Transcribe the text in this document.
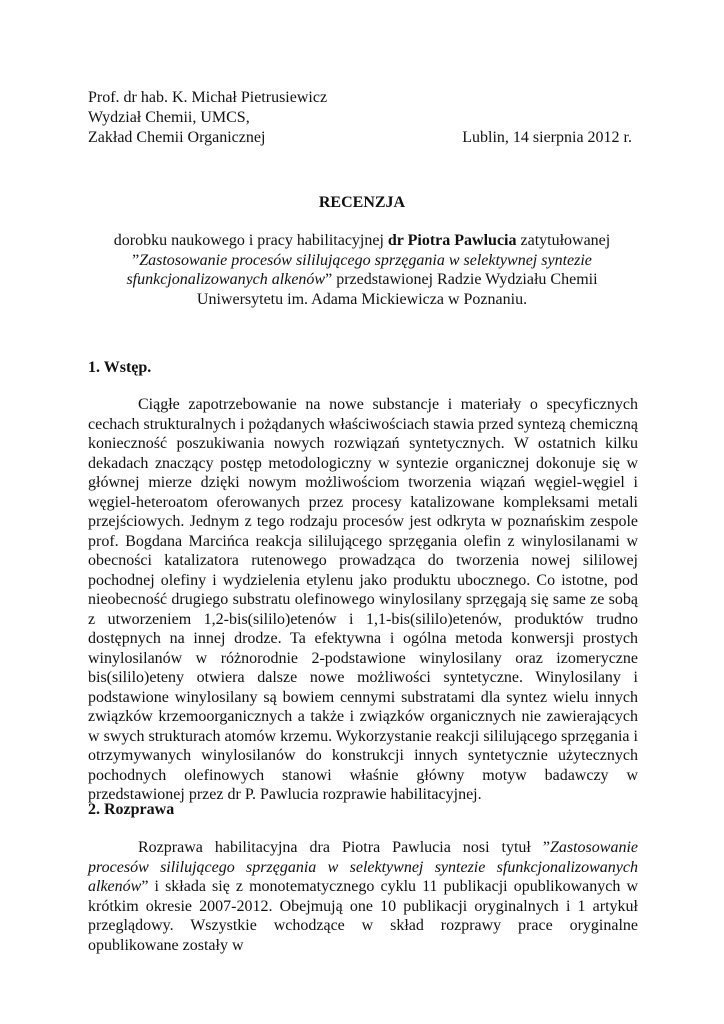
Prof. dr hab. K. Michał Pietrusiewicz
Wydział Chemii, UMCS,
Zakład Chemii Organicznej	Lublin, 14 sierpnia 2012 r.
RECENZJA
dorobku naukowego i pracy habilitacyjnej dr Piotra Pawlucia zatytułowanej
”Zastosowanie procesów sililującego sprzęgania w selektywnej syntezie sfunkcjonalizowanych alkenów” przedstawionej Radzie Wydziału Chemii Uniwersytetu im. Adama Mickiewicza w Poznaniu.
1. Wstęp.
Ciągłe zapotrzebowanie na nowe substancje i materiały o specyficznych cechach strukturalnych i pożądanych właściwościach stawia przed syntezą chemiczną konieczność poszukiwania nowych rozwiązań syntetycznych. W ostatnich kilku dekadach znaczący postęp metodologiczny w syntezie organicznej dokonuje się w głównej mierze dzięki nowym możliwościom tworzenia wiązań węgiel-węgiel i węgiel-heteroatom oferowanych przez procesy katalizowane kompleksami metali przejściowych. Jednym z tego rodzaju procesów jest odkryta w poznańskim zespole prof. Bogdana Marcińca reakcja sililującego sprzęgania olefin z winylosilanami w obecności katalizatora rutenowego prowadząca do tworzenia nowej sililowej pochodnej olefiny i wydzielenia etylenu jako produktu ubocznego. Co istotne, pod nieobecność drugiego substratu olefinowego winylosilany sprzęgają się same ze sobą z utworzeniem 1,2-bis(sililo)etenów i 1,1-bis(sililo)etenów, produktów trudno dostępnych na innej drodze. Ta efektywna i ogólna metoda konwersji prostych winylosilanów w różnorodnie 2-podstawione winylosilany oraz izomeryczne bis(sililo)eteny otwiera dalsze nowe możliwości syntetyczne. Winylosilany i podstawione winylosilany są bowiem cennymi substratami dla syntez wielu innych związków krzemoorganicznych a także i związków organicznych nie zawierających w swych strukturach atomów krzemu. Wykorzystanie reakcji sililującego sprzęgania i otrzymywanych winylosilanów do konstrukcji innych syntetycznie użytecznych pochodnych olefinowych stanowi właśnie główny motyw badawczy w przedstawionej przez dr P. Pawlucia rozprawie habilitacyjnej.
2. Rozprawa
Rozprawa habilitacyjna dra Piotra Pawlucia nosi tytuł ”Zastosowanie procesów sililującego sprzęgania w selektywnej syntezie sfunkcjonalizowanych alkenów” i składa się z monotematycznego cyklu 11 publikacji opublikowanych w krótkim okresie 2007-2012. Obejmują one 10 publikacji oryginalnych i 1 artykuł przeglądowy. Wszystkie wchodzące w skład rozprawy prace oryginalne opublikowane zostały w
